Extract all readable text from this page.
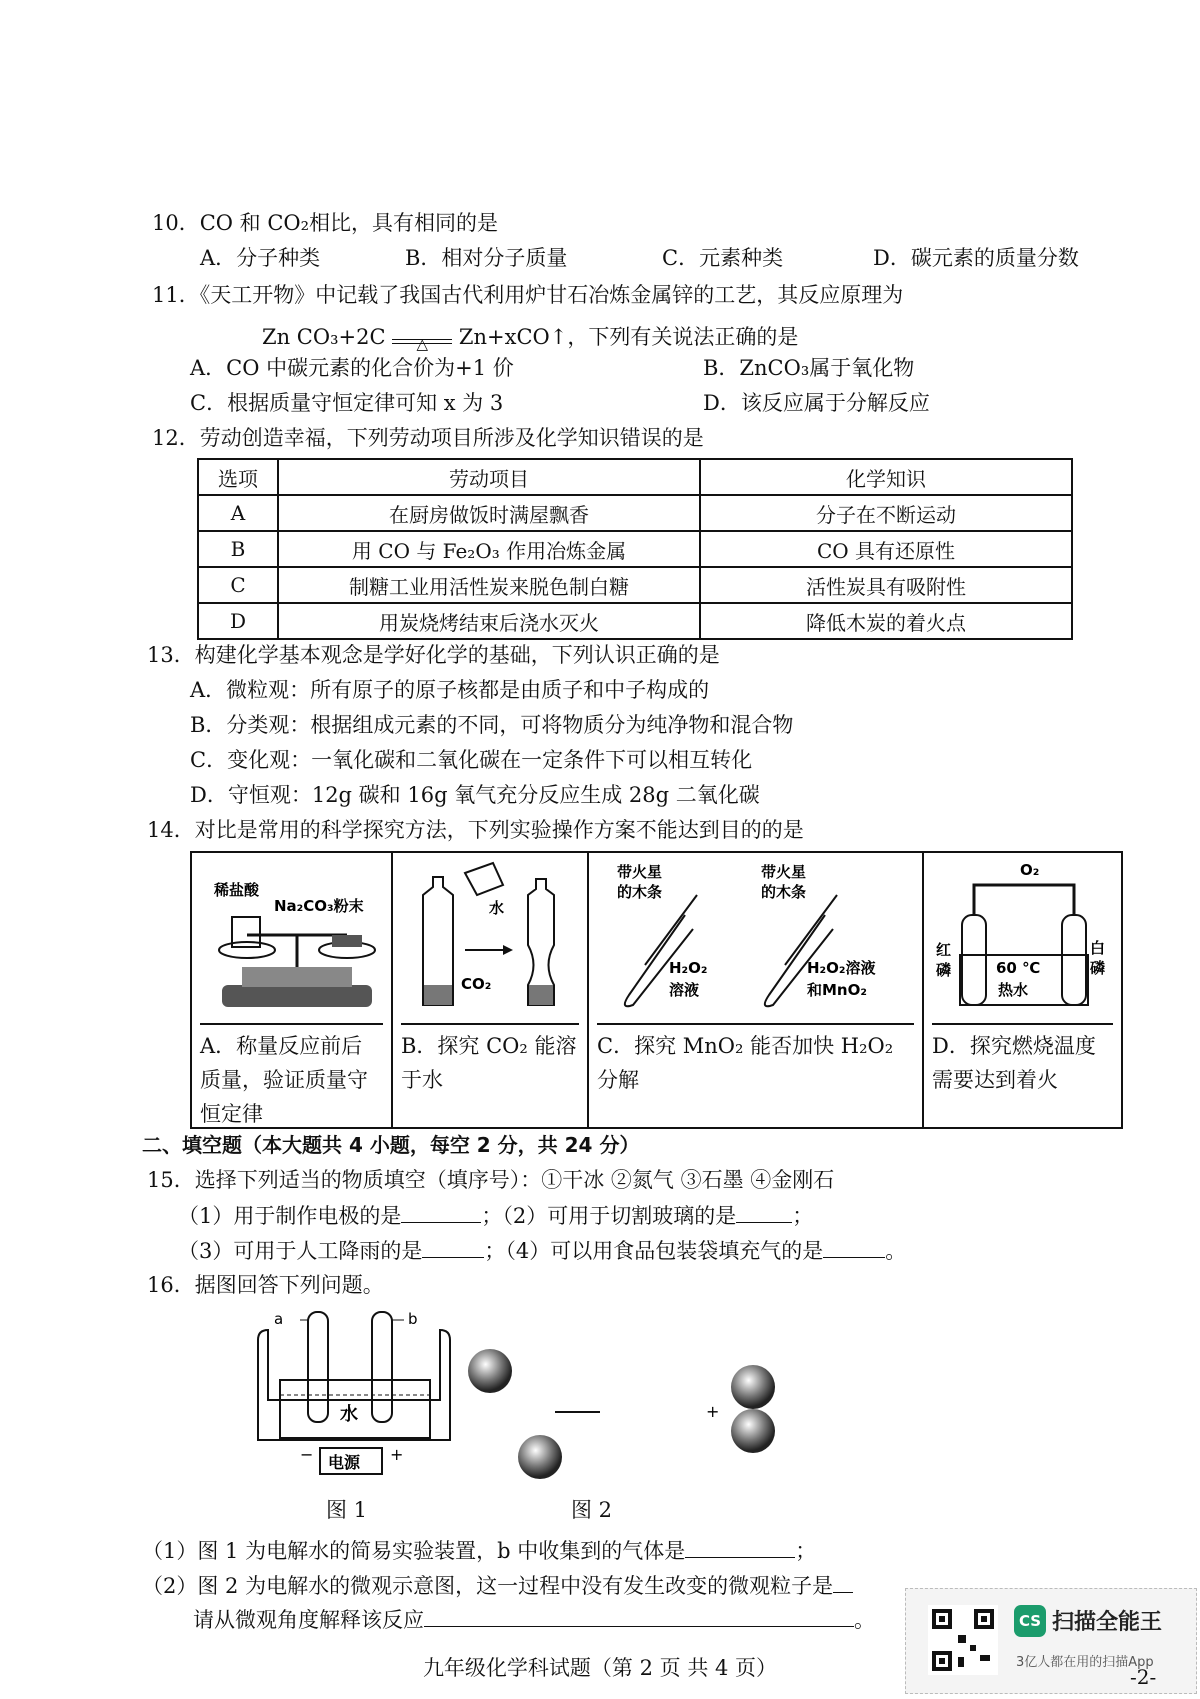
10．CO 和 CO₂相比，具有相同的是
A．分子种类	B．相对分子质量	C．元素种类	D．碳元素的质量分数
11．《天工开物》中记载了我国古代利用炉甘石冶炼金属锌的工艺，其反应原理为
Zn CO₃+2C	△	Zn+xCO↑，下列有关说法正确的是
A．CO 中碳元素的化合价为+1 价	B．ZnCO₃属于氧化物
C．根据质量守恒定律可知 x 为 3	D．该反应属于分解反应
12．劳动创造幸福，下列劳动项目所涉及化学知识错误的是
选项	劳动项目	化学知识
A	在厨房做饭时满屋飘香	分子在不断运动
B	用 CO 与 Fe₂O₃ 作用冶炼金属	CO 具有还原性
C	制糖工业用活性炭来脱色制白糖	活性炭具有吸附性
D	用炭烧烤结束后浇水灭火	降低木炭的着火点
13．构建化学基本观念是学好化学的基础，下列认识正确的是
A．微粒观：所有原子的原子核都是由质子和中子构成的
B．分类观：根据组成元素的不同，可将物质分为纯净物和混合物
C．变化观：一氧化碳和二氧化碳在一定条件下可以相互转化
D．守恒观：12g 碳和 16g 氧气充分反应生成 28g 二氧化碳
14．对比是常用的科学探究方法，下列实验操作方案不能达到目的的是
稀盐酸
Na₂CO₃粉末
A．称量反应前后质量，验证质量守恒定律
水
CO₂
B．探究 CO₂ 能溶于水
带火星
的木条
带火星
的木条
H₂O₂
溶液
H₂O₂溶液
和MnO₂
C．探究 MnO₂ 能否加快 H₂O₂ 分解
O₂
红
磷	60 ℃
热水
白
磷
D．探究燃烧温度需要达到着火
二、填空题（本大题共 4 小题，每空 2 分，共 24 分）
15．选择下列适当的物质填空（填序号）：①干冰 ②氮气 ③石墨 ④金刚石
（1）用于制作电极的是	；（2）可用于切割玻璃的是	；
（3）可用于人工降雨的是	；（4）可以用食品包装袋填充气的是	。
16．据图回答下列问题。
a	b
水
电源
−	+
图 1
+
图 2
（1）图 1 为电解水的简易实验装置，b 中收集到的气体是	；
（2）图 2 为电解水的微观示意图，这一过程中没有发生改变的微观粒子是
请从微观角度解释该反应	。	CS 扫描全能王
3亿人都在用的扫描App
九年级化学科试题（第 2 页 共 4 页）	-2-
